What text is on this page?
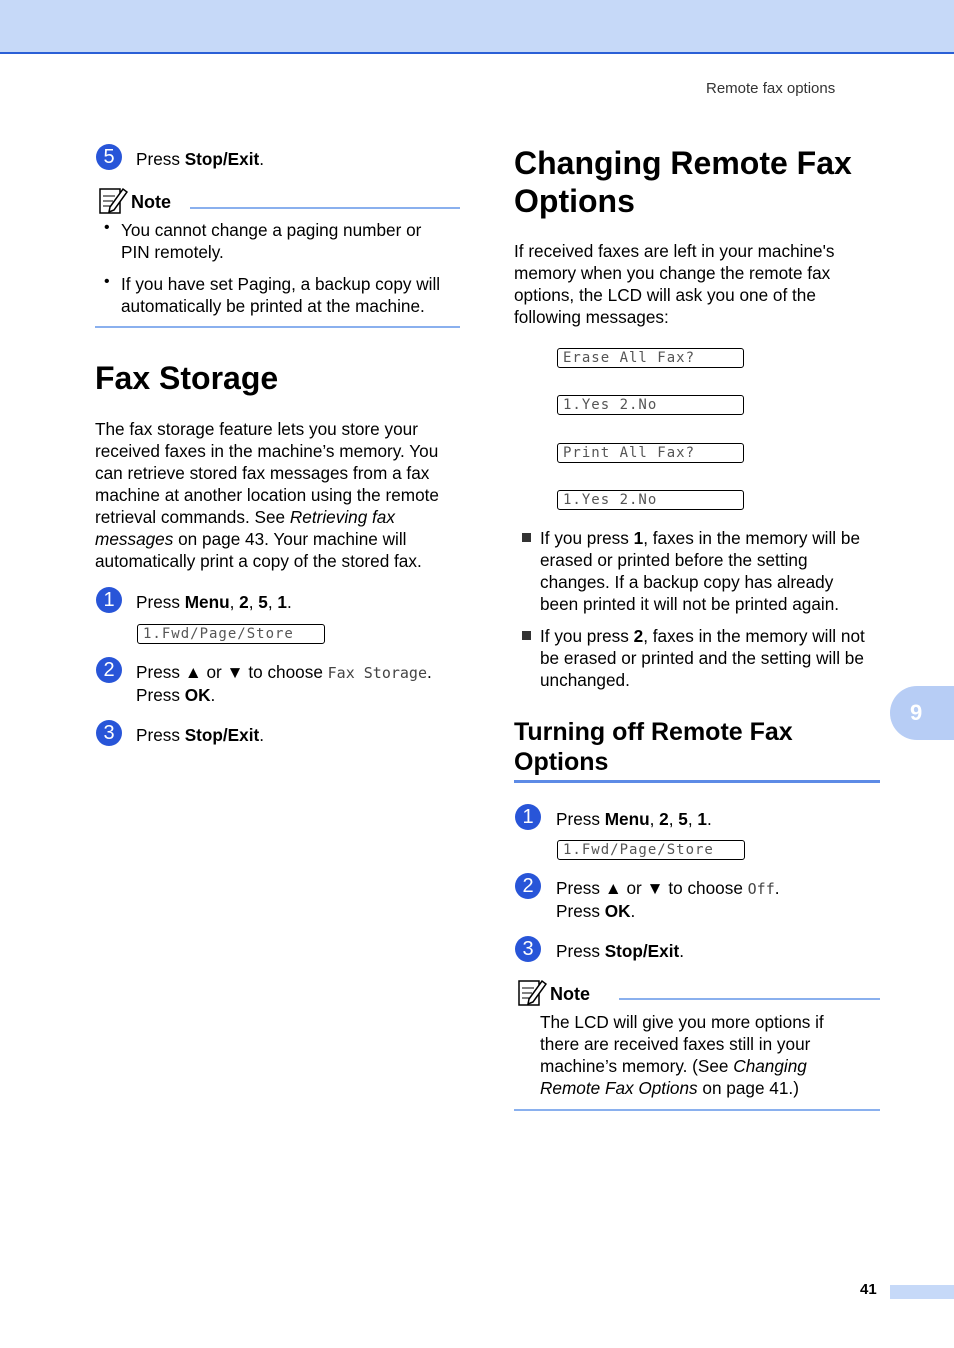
Remote fax options
5	Press Stop/Exit.
Note
• You cannot change a paging number or
PIN remotely.
• If you have set Paging, a backup copy will
automatically be printed at the machine.
Fax Storage
The fax storage feature lets you store your
received faxes in the machine’s memory. You
can retrieve stored fax messages from a fax
machine at another location using the remote
retrieval commands. See Retrieving fax
messages on page 43. Your machine will
automatically print a copy of the stored fax.
1	Press Menu, 2, 5, 1.
1.Fwd/Page/Store
2	Press ▲ or ▼ to choose Fax Storage.
Press OK.
3	Press Stop/Exit.
Changing Remote Fax
Options
If received faxes are left in your machine's
memory when you change the remote fax
options, the LCD will ask you one of the
following messages:
Erase All Fax?
1.Yes 2.No
Print All Fax?
1.Yes 2.No
If you press 1, faxes in the memory will be
erased or printed before the setting
changes. If a backup copy has already
been printed it will not be printed again.
If you press 2, faxes in the memory will not
be erased or printed and the setting will be
unchanged.
Turning off Remote Fax
Options
1	Press Menu, 2, 5, 1.
1.Fwd/Page/Store
2	Press ▲ or ▼ to choose Off.
Press OK.
3	Press Stop/Exit.
Note
The LCD will give you more options if
there are received faxes still in your
machine’s memory. (See Changing
Remote Fax Options on page 41.)
9
41
